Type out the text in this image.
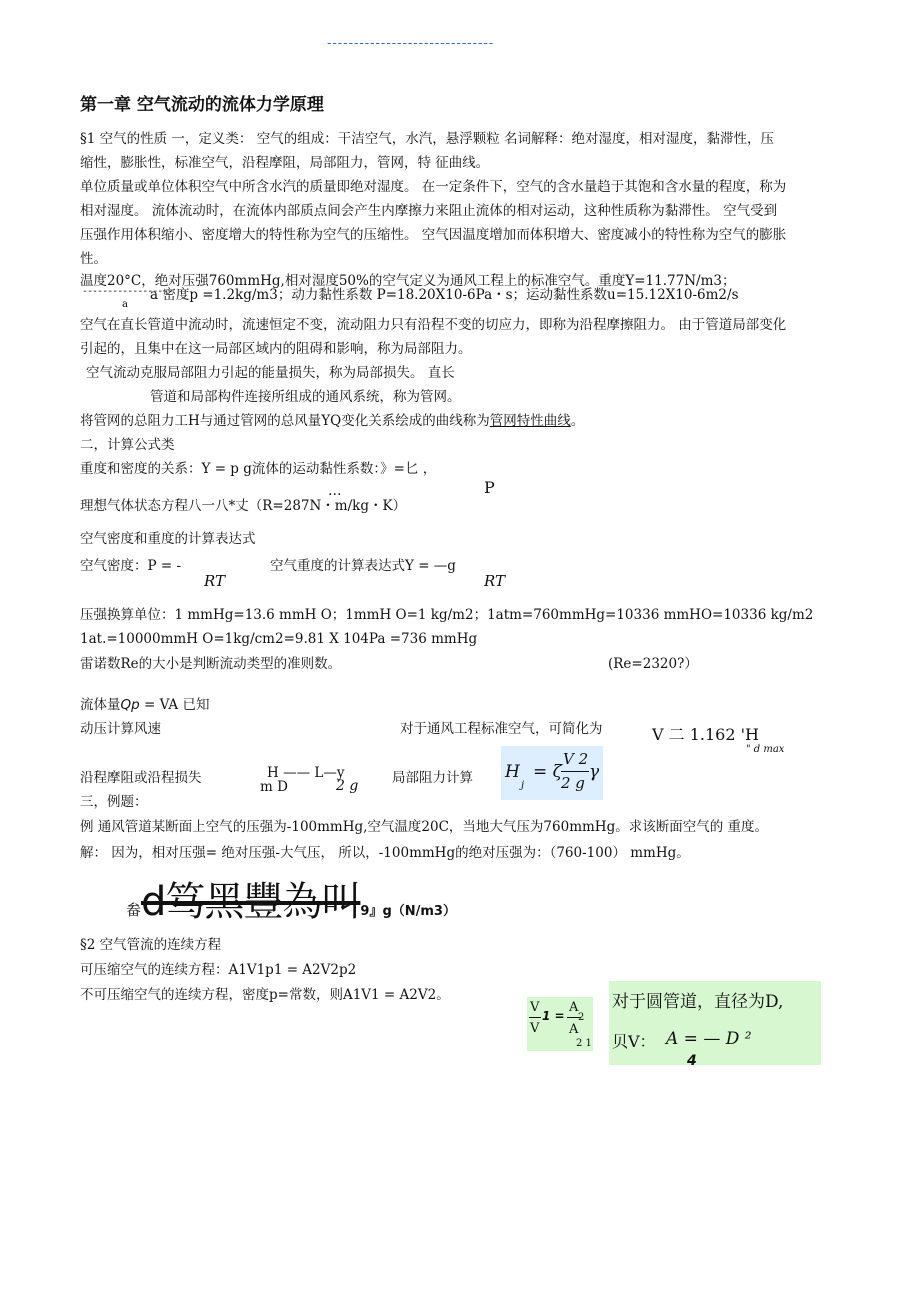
-------------------------------
第一章 空气流动的流体力学原理
§1 空气的性质 一，定义类： 空气的组成：干洁空气，水汽，悬浮颗粒 名词解释：绝对湿度，相对湿度，黏滞性，压
缩性，膨胀性，标准空气，沿程摩阻，局部阻力，管网，特 征曲线。
单位质量或单位体积空气中所含水汽的质量即绝对湿度。 在一定条件下，空气的含水量趋于其饱和含水量的程度，称为
相对湿度。 流体流动时，在流体内部质点间会产生内摩擦力来阻止流体的相对运动，这种性质称为黏滞性。 空气受到
压强作用体积缩小、密度增大的特性称为空气的压缩性。 空气因温度增加而体积增大、密度减小的特性称为空气的膨胀
性。
温度20°C，绝对压强760mmHg,相对湿度50%的空气定义为通风工程上的标准空气。重度Y=11.77N/m3；
------------------
a
a 密度p =1.2kg/m3；动力黏性系数 P=18.20X10-6Pa・s；运动黏性系数u=15.12X10-6m2/s
空气在直长管道中流动时，流速恒定不变，流动阻力只有沿程不变的切应力，即称为沿程摩擦阻力。 由于管道局部变化
引起的，且集中在这一局部区域内的阻碍和影响，称为局部阻力。
空气流动克服局部阻力引起的能量损失，称为局部损失。 直长
管道和局部构件连接所组成的通风系统，称为管网。
将管网的总阻力工H与通过管网的总风量YQ变化关系绘成的曲线称为管网特性曲线。
二，计算公式类
重度和密度的关系：Y = p g流体的运动黏性系数：》=匕 ，
…	P
理想气体状态方程八一八*丈（R=287N・m/kg・K）
空气密度和重度的计算表达式
空气密度：P = -	空气重度的计算表达式Y = —g
RT	RT
压强换算单位：1 mmHg=13.6 mmH O；1mmH O=1 kg/m2；1atm=760mmHg=10336 mmHO=10336 kg/m2
1at.=10000mmH O=1kg/cm2=9.81 X 104Pa =736 mmHg
雷诺数Re的大小是判断流动类型的准则数。	(Re=2320?）
流体量Qp = VA 已知
动压计算风速	对于通风工程标准空气，可简化为	V 二 1.162 'H
" d max
沿程摩阻或沿程损失	H —— L—y
m D	2 g 局部阻力计算 H
j
= ζ
V 2
2 g
γ
三，例题：
例 通风管道某断面上空气的压强为-100mmHg,空气温度20C，当地大气压为760mmHg。求该断面空气的 重度。
解： 因为，相对压强= 绝对压强-大气压， 所以，-100mmHg的绝对压强为：（760-100） mmHg。
畚d笃黑豐為叫9』g（N/m3）
§2 空气管流的连续方程
可压缩空气的连续方程：A1V1p1 = A2V2p2
不可压缩空气的连续方程，密度p=常数，则A1V1 = A2V2。
V
V
1 =
A
2
A
2 1
对于圆管道，直径为D,
贝V： A = — D ²
4
